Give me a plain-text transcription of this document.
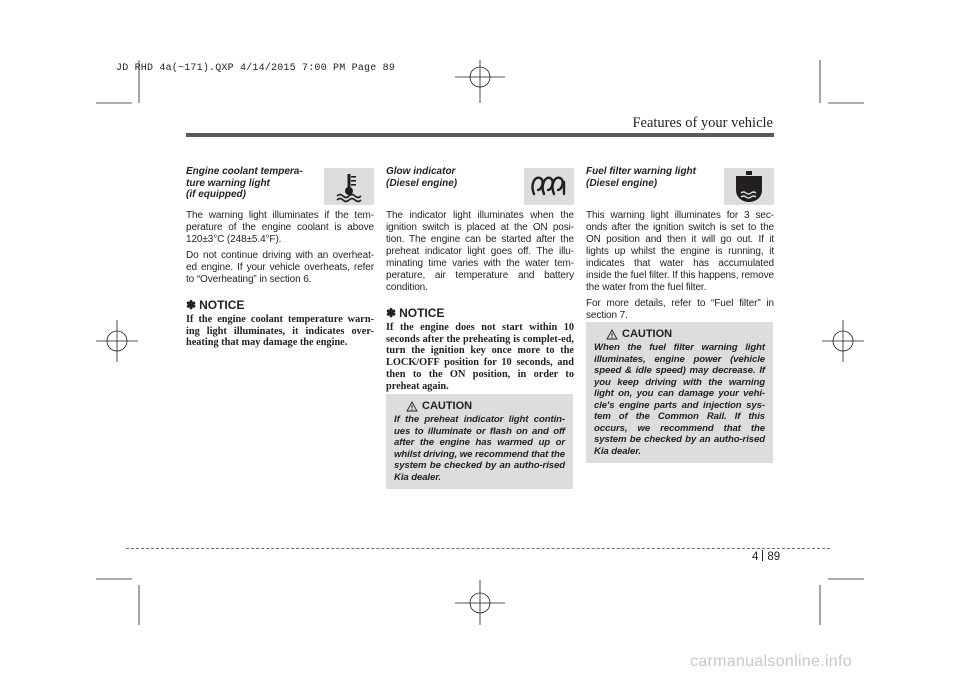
JD RHD 4a(~171).QXP 4/14/2015 7:00 PM Page 89
Features of your vehicle
Engine coolant tempera-
ture warning light
(if equipped)

The warning light illuminates if the tem-perature of the engine coolant is above 120±3°C (248±5.4°F).

Do not continue driving with an overheat-ed engine. If your vehicle overheats, refer to “Overheating” in section 6.

✽ NOTICE

If the engine coolant temperature warn-ing light illuminates, it indicates over-heating that may damage the engine.

Glow indicator
(Diesel engine)

The indicator light illuminates when the ignition switch is placed at the ON posi-tion. The engine can be started after the preheat indicator light goes off. The illu-minating time varies with the water tem-perature, air temperature and battery condition.

✽ NOTICE

If the engine does not start within 10 seconds after the preheating is complet-ed, turn the ignition key once more to the LOCK/OFF position for 10 seconds, and then to the ON position, in order to preheat again.

CAUTION

If the preheat indicator light contin-ues to illuminate or flash on and off after the engine has warmed up or whilst driving, we recommend that the system be checked by an autho-rised Kia dealer.

Fuel filter warning light
(Diesel engine)

This warning light illuminates for 3 sec-onds after the ignition switch is set to the ON position and then it will go out. If it lights up whilst the engine is running, it indicates that water has accumulated inside the fuel filter. If this happens, remove the water from the fuel filter.

For more details, refer to “Fuel filter” in section 7.

CAUTION

When the fuel filter warning light illuminates, engine power (vehicle speed & idle speed) may decrease. If you keep driving with the warning light on, you can damage your vehi-cle's engine parts and injection sys-tem of the Common Rail. If this occurs, we recommend that the system be checked by an autho-rised Kia dealer.

4 89
carmanualsonline.info
